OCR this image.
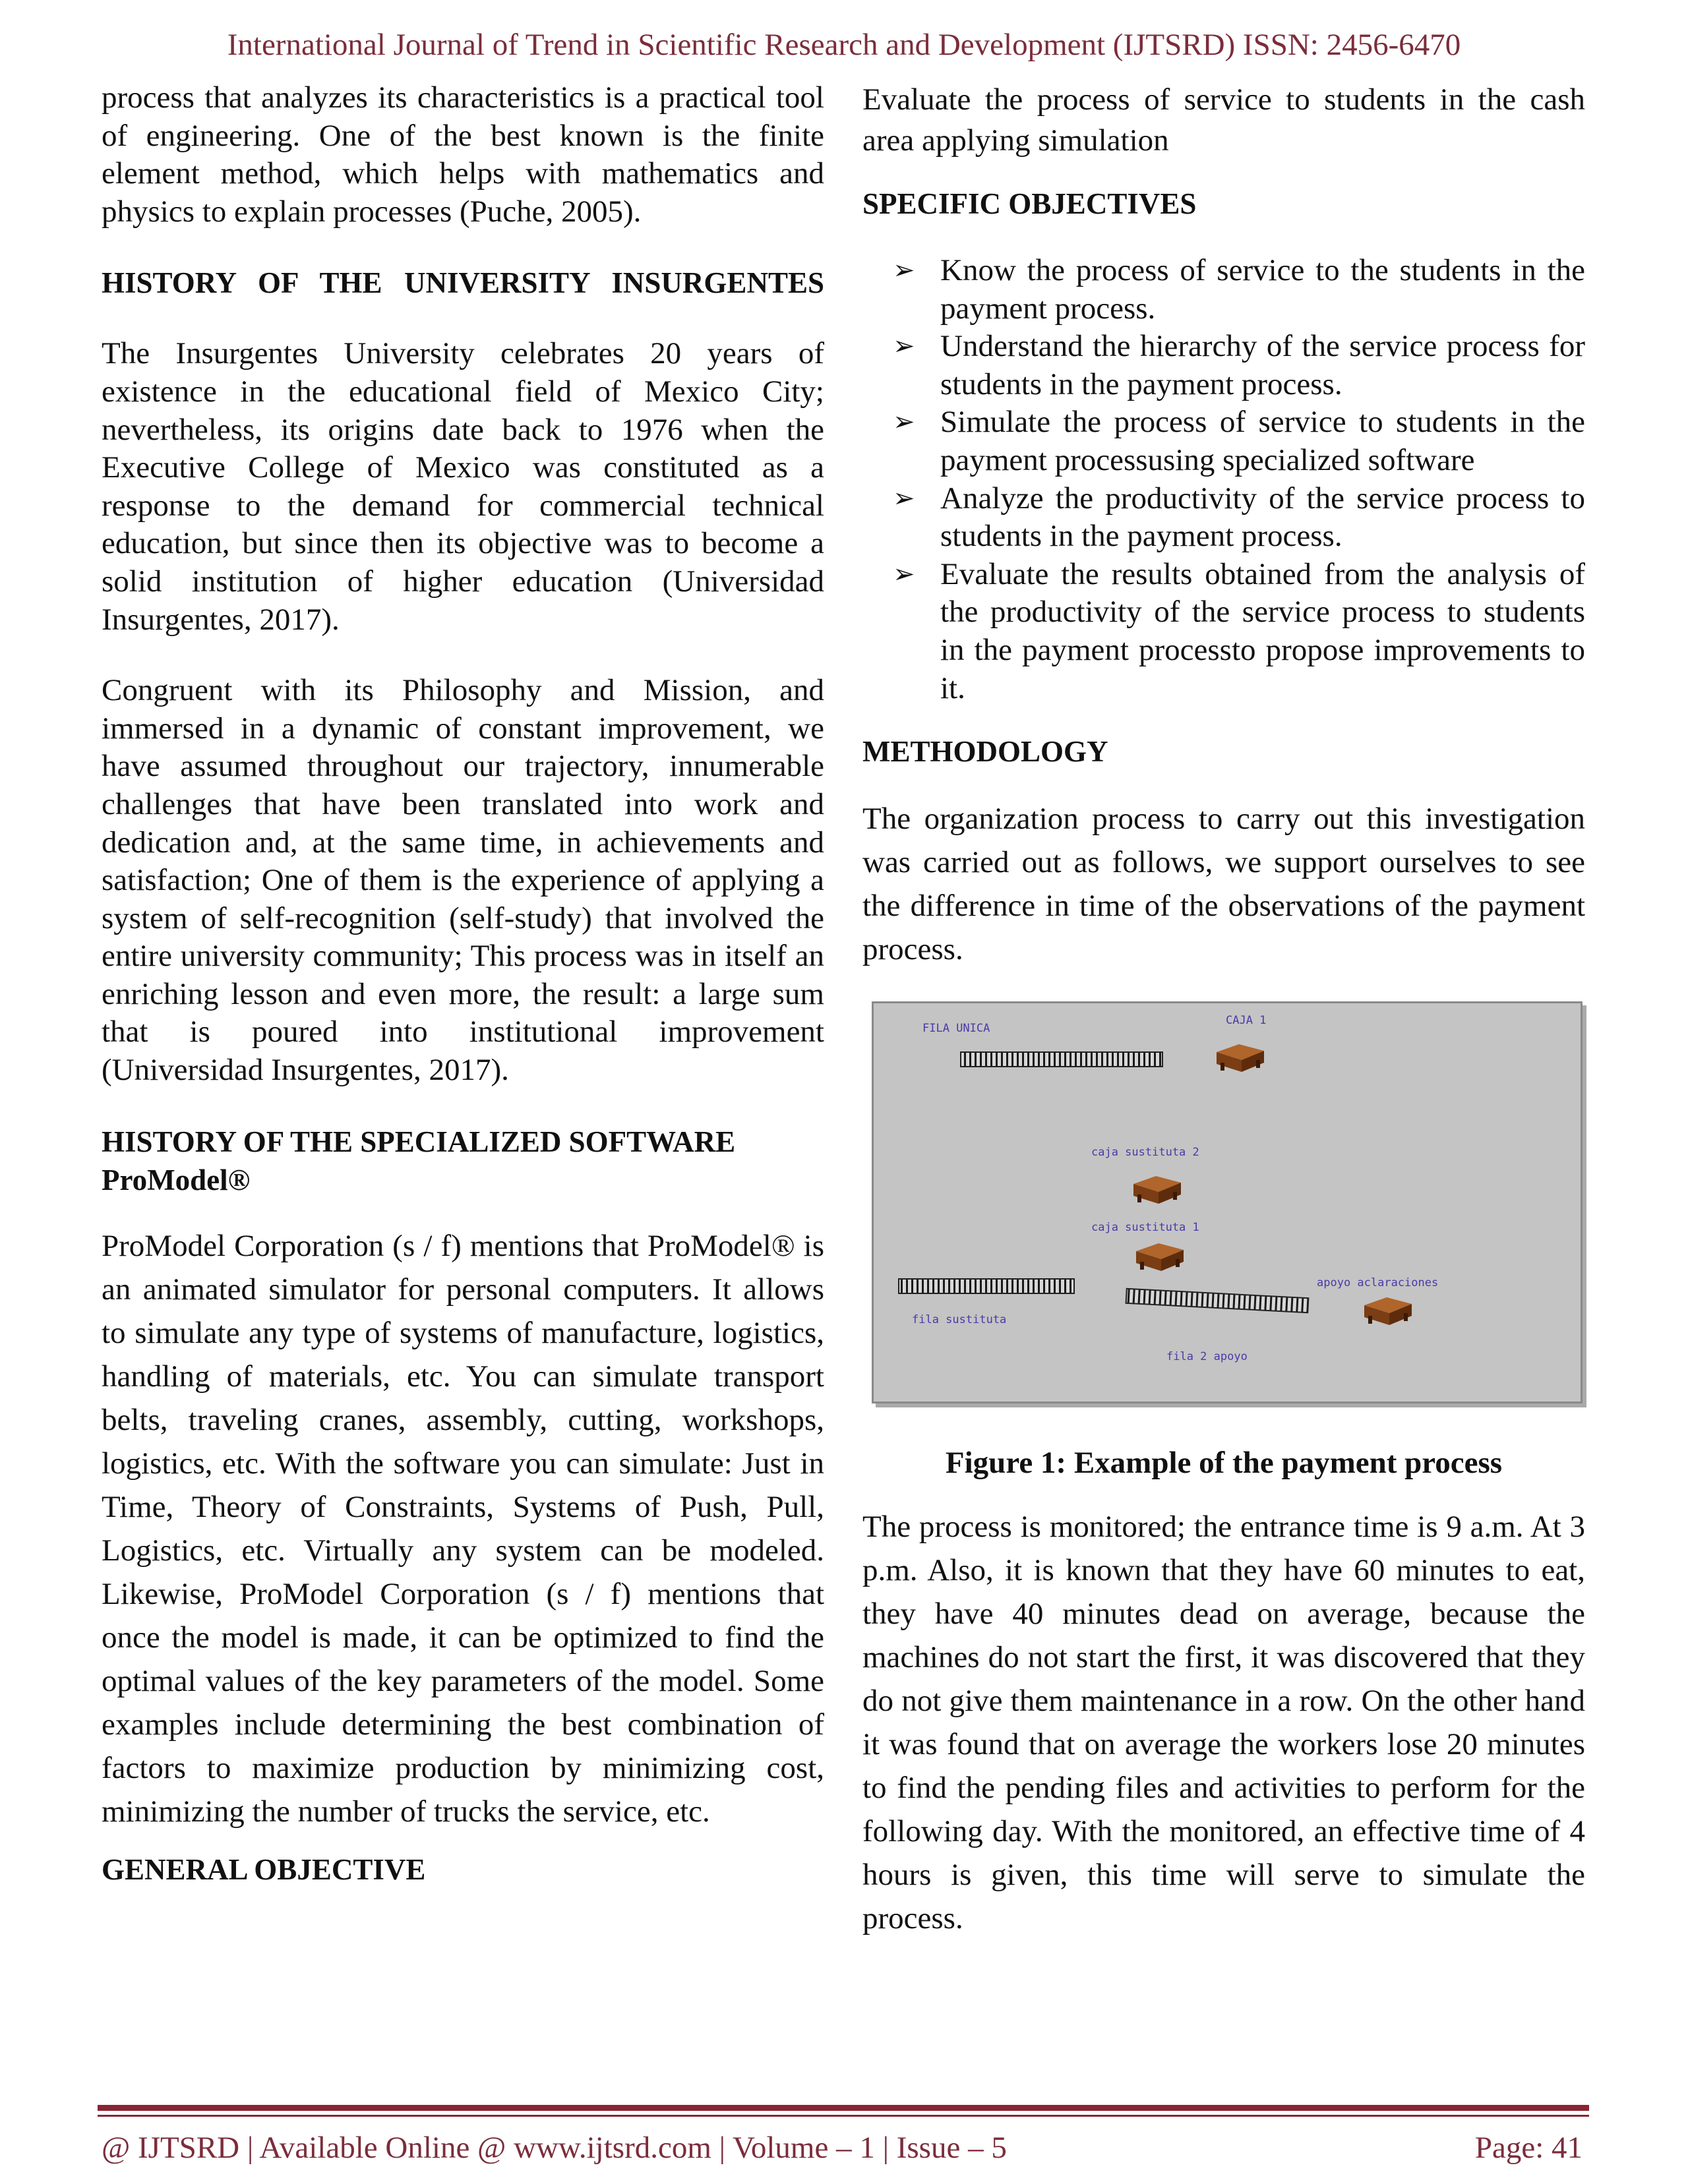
International Journal of Trend in Scientific Research and Development (IJTSRD) ISSN: 2456-6470

process that analyzes its characteristics is a practical tool of engineering. One of the best known is the finite element method, which helps with mathematics and physics to explain processes (Puche, 2005).

HISTORY OF THE UNIVERSITY INSURGENTES

The Insurgentes University celebrates 20 years of existence in the educational field of Mexico City; nevertheless, its origins date back to 1976 when the Executive College of Mexico was constituted as a response to the demand for commercial technical education, but since then its objective was to become a solid institution of higher education (Universidad Insurgentes, 2017).

Congruent with its Philosophy and Mission, and immersed in a dynamic of constant improvement, we have assumed throughout our trajectory, innumerable challenges that have been translated into work and dedication and, at the same time, in achievements and satisfaction; One of them is the experience of applying a system of self-recognition (self-study) that involved the entire university community; This process was in itself an enriching lesson and even more, the result: a large sum that is poured into institutional improvement (Universidad Insurgentes, 2017).

HISTORY OF THE SPECIALIZED SOFTWARE

ProModel®

ProModel Corporation (s / f) mentions that ProModel® is an animated simulator for personal computers. It allows to simulate any type of systems of manufacture, logistics, handling of materials, etc. You can simulate transport belts, traveling cranes, assembly, cutting, workshops, logistics, etc. With the software you can simulate: Just in Time, Theory of Constraints, Systems of Push, Pull, Logistics, etc. Virtually any system can be modeled. Likewise, ProModel Corporation (s / f) mentions that once the model is made, it can be optimized to find the optimal values of the key parameters of the model. Some examples include determining the best combination of factors to maximize production by minimizing cost, minimizing the number of trucks the service, etc.

GENERAL OBJECTIVE

Evaluate the process of service to students in the cash area applying simulation

SPECIFIC OBJECTIVES

➢ Know the process of service to the students in the payment process.
➢ Understand the hierarchy of the service process for students in the payment process.
➢ Simulate the process of service to students in the payment processusing specialized software
➢ Analyze the productivity of the service process to students in the payment process.
➢ Evaluate the results obtained from the analysis of the productivity of the service process to students in the payment processto propose improvements to it.

METHODOLOGY

The organization process to carry out this investigation was carried out as follows, we support ourselves to see the difference in time of the observations of the payment process.

FILA UNICA
CAJA 1
caja sustituta 2
caja sustituta 1
apoyo aclaraciones
fila sustituta
fila 2 apoyo

Figure 1: Example of the payment process

The process is monitored; the entrance time is 9 a.m. At 3 p.m. Also, it is known that they have 60 minutes to eat, they have 40 minutes dead on average, because the machines do not start the first, it was discovered that they do not give them maintenance in a row. On the other hand it was found that on average the workers lose 20 minutes to find the pending files and activities to perform for the following day. With the monitored, an effective time of 4 hours is given, this time will serve to simulate the process.

@ IJTSRD | Available Online @ www.ijtsrd.com | Volume – 1 | Issue – 5	Page: 41
